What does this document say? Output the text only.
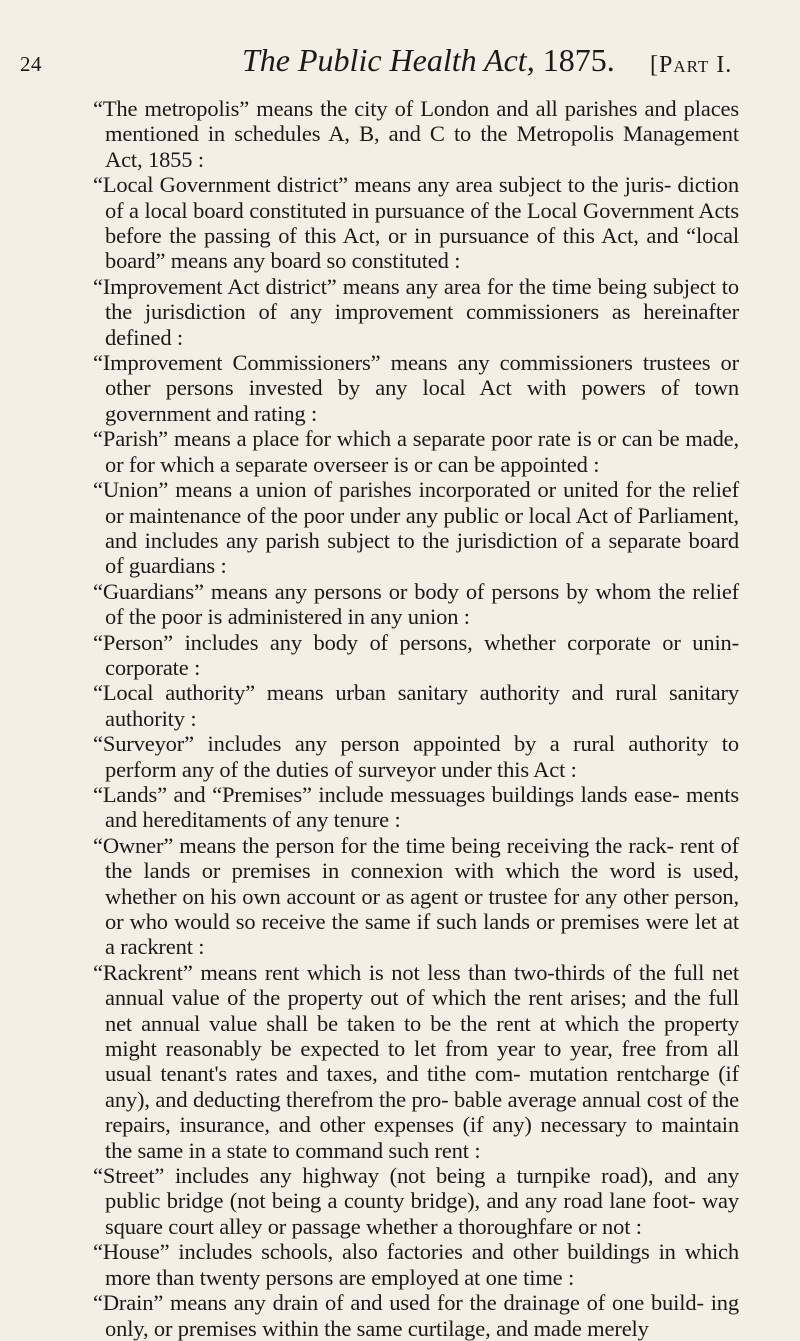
24	The Public Health Act, 1875. [Part I.

“The metropolis” means the city of London and all parishes and places mentioned in schedules A, B, and C to the Metropolis Management Act, 1855 :

“Local Government district” means any area subject to the juris- diction of a local board constituted in pursuance of the Local Government Acts before the passing of this Act, or in pursuance of this Act, and “local board” means any board so constituted :

“Improvement Act district” means any area for the time being subject to the jurisdiction of any improvement commissioners as hereinafter defined :

“Improvement Commissioners” means any commissioners trustees or other persons invested by any local Act with powers of town government and rating :

“Parish” means a place for which a separate poor rate is or can be made, or for which a separate overseer is or can be appointed :

“Union” means a union of parishes incorporated or united for the relief or maintenance of the poor under any public or local Act of Parliament, and includes any parish subject to the jurisdiction of a separate board of guardians :

“Guardians” means any persons or body of persons by whom the relief of the poor is administered in any union :

“Person” includes any body of persons, whether corporate or unin- corporate :

“Local authority” means urban sanitary authority and rural sanitary authority :

“Surveyor” includes any person appointed by a rural authority to perform any of the duties of surveyor under this Act :

“Lands” and “Premises” include messuages buildings lands ease- ments and hereditaments of any tenure :

“Owner” means the person for the time being receiving the rack- rent of the lands or premises in connexion with which the word is used, whether on his own account or as agent or trustee for any other person, or who would so receive the same if such lands or premises were let at a rackrent :

“Rackrent” means rent which is not less than two-thirds of the full net annual value of the property out of which the rent arises; and the full net annual value shall be taken to be the rent at which the property might reasonably be expected to let from year to year, free from all usual tenant's rates and taxes, and tithe com- mutation rentcharge (if any), and deducting therefrom the pro- bable average annual cost of the repairs, insurance, and other expenses (if any) necessary to maintain the same in a state to command such rent :

“Street” includes any highway (not being a turnpike road), and any public bridge (not being a county bridge), and any road lane foot- way square court alley or passage whether a thoroughfare or not :

“House” includes schools, also factories and other buildings in which more than twenty persons are employed at one time :

“Drain” means any drain of and used for the drainage of one build- ing only, or premises within the same curtilage, and made merely
